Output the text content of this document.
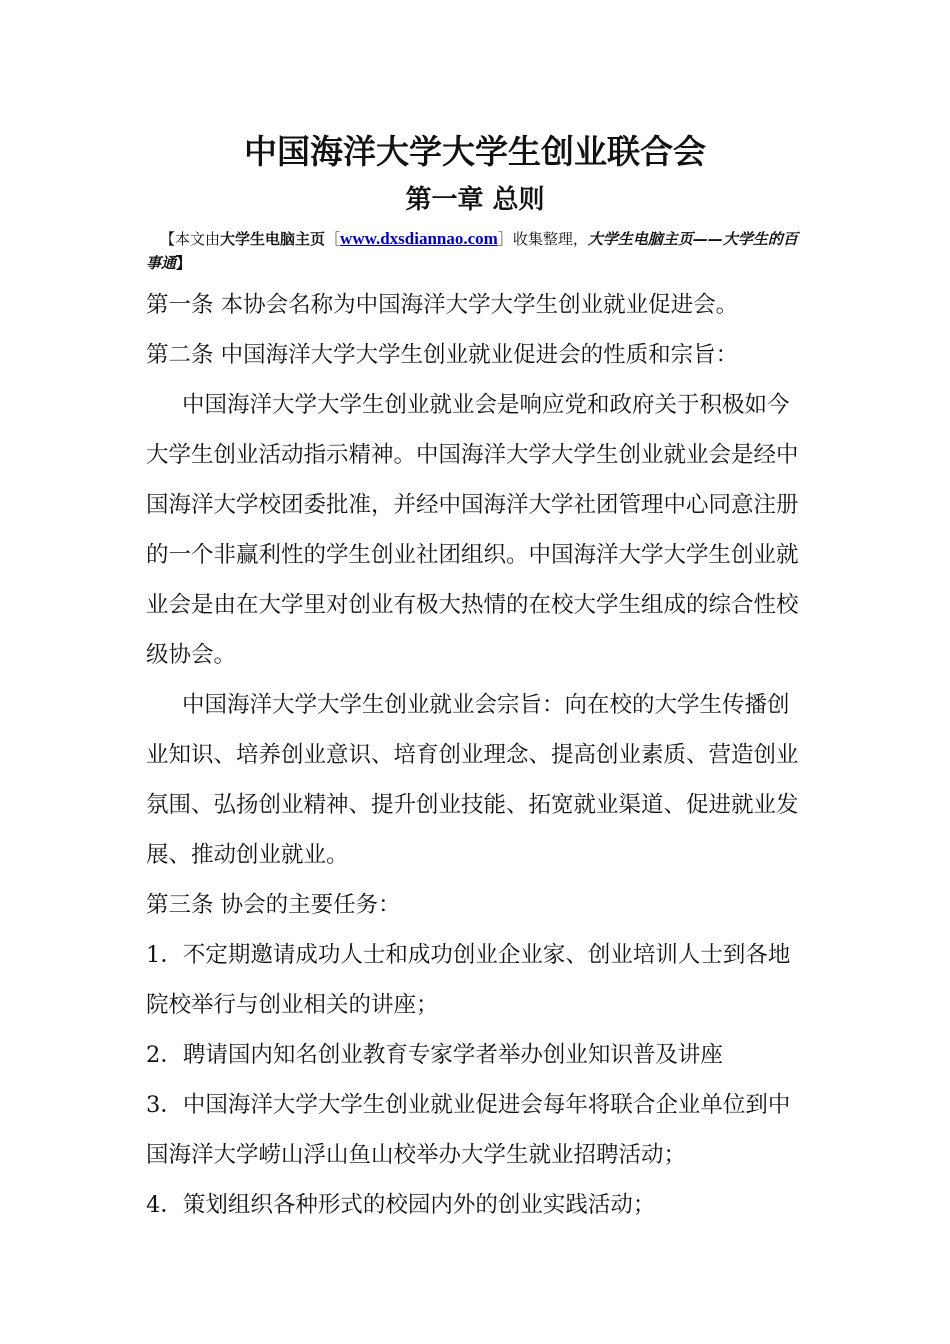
中国海洋大学大学生创业联合会
第一章 总则
【本文由大学生电脑主页［www.dxsdiannao.com］收集整理，大学生电脑主页——大学生的百事通】

第一条 本协会名称为中国海洋大学大学生创业就业促进会。

第二条 中国海洋大学大学生创业就业促进会的性质和宗旨：

中国海洋大学大学生创业就业会是响应党和政府关于积极如今大学生创业活动指示精神。中国海洋大学大学生创业就业会是经中国海洋大学校团委批准，并经中国海洋大学社团管理中心同意注册的一个非赢利性的学生创业社团组织。中国海洋大学大学生创业就业会是由在大学里对创业有极大热情的在校大学生组成的综合性校级协会。

中国海洋大学大学生创业就业会宗旨：向在校的大学生传播创业知识、培养创业意识、培育创业理念、提高创业素质、营造创业氛围、弘扬创业精神、提升创业技能、拓宽就业渠道、促进就业发展、推动创业就业。

第三条 协会的主要任务：

1．不定期邀请成功人士和成功创业企业家、创业培训人士到各地院校举行与创业相关的讲座；

2．聘请国内知名创业教育专家学者举办创业知识普及讲座

3．中国海洋大学大学生创业就业促进会每年将联合企业单位到中国海洋大学崂山浮山鱼山校举办大学生就业招聘活动；

4．策划组织各种形式的校园内外的创业实践活动；
